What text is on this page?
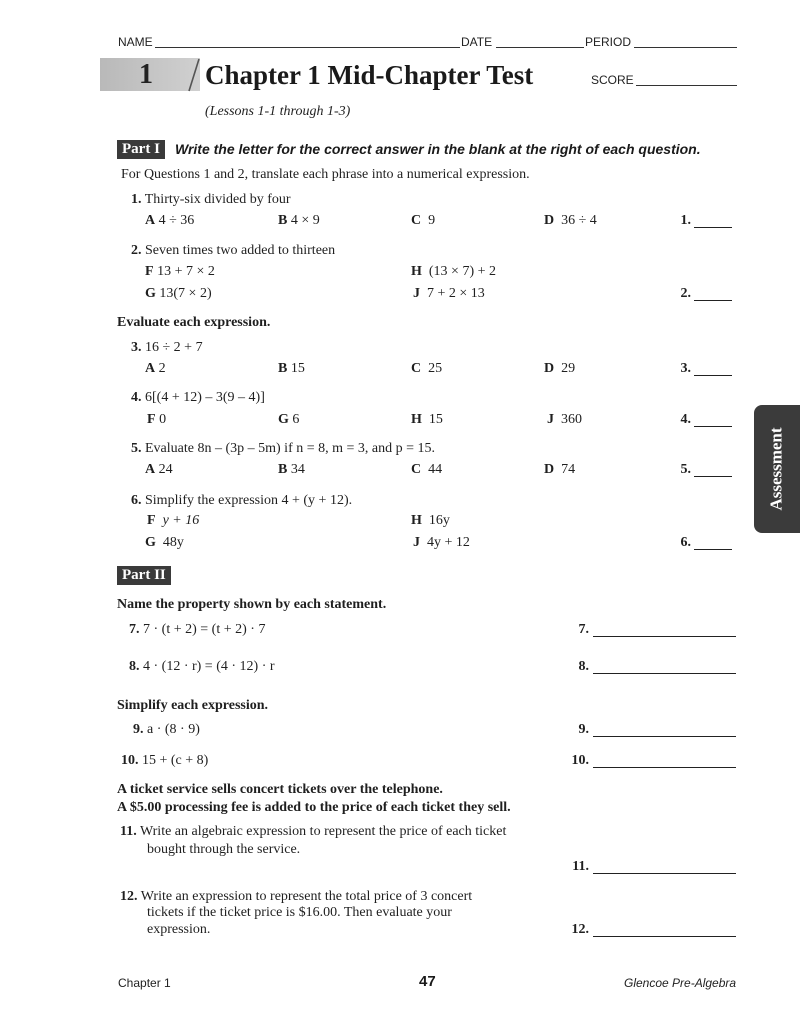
NAME	DATE	PERIOD
1	Chapter 1 Mid-Chapter Test	SCORE
(Lessons 1-1 through 1-3)
Part I	Write the letter for the correct answer in the blank at the right of each question.
For Questions 1 and 2, translate each phrase into a numerical expression.
1. Thirty-six divided by four
A 4 ÷ 36	B 4 × 9	C 9	D 36 ÷ 4	1.
2. Seven times two added to thirteen
F 13 + 7 × 2	H (13 × 7) + 2
G 13(7 × 2)	J 7 + 2 × 13	2.
Evaluate each expression.
3. 16 ÷ 2 + 7
A 2	B 15	C 25	D 29	3.
4. 6[(4 + 12) – 3(9 – 4)]
F 0	G 6	H 15	J 360	4.
5. Evaluate 8n – (3p – 5m) if n = 8, m = 3, and p = 15.
A 24	B 34	C 44	D 74	5.
6. Simplify the expression 4 + (y + 12).
F y + 16	H 16y
G 48y	J 4y + 12	6.
Part II
Name the property shown by each statement.
7. 7 · (t + 2) = (t + 2) · 7	7.
8. 4 · (12 · r) = (4 · 12) · r	8.
Simplify each expression.
9. a · (8 · 9)	9.
10. 15 + (c + 8)	10.
A ticket service sells concert tickets over the telephone.
A $5.00 processing fee is added to the price of each ticket they sell.
11. Write an algebraic expression to represent the price of each ticket
bought through the service.
11.
12. Write an expression to represent the total price of 3 concert
tickets if the ticket price is $16.00. Then evaluate your
expression.	12.
Assessment
Chapter 1	47	Glencoe Pre-Algebra
